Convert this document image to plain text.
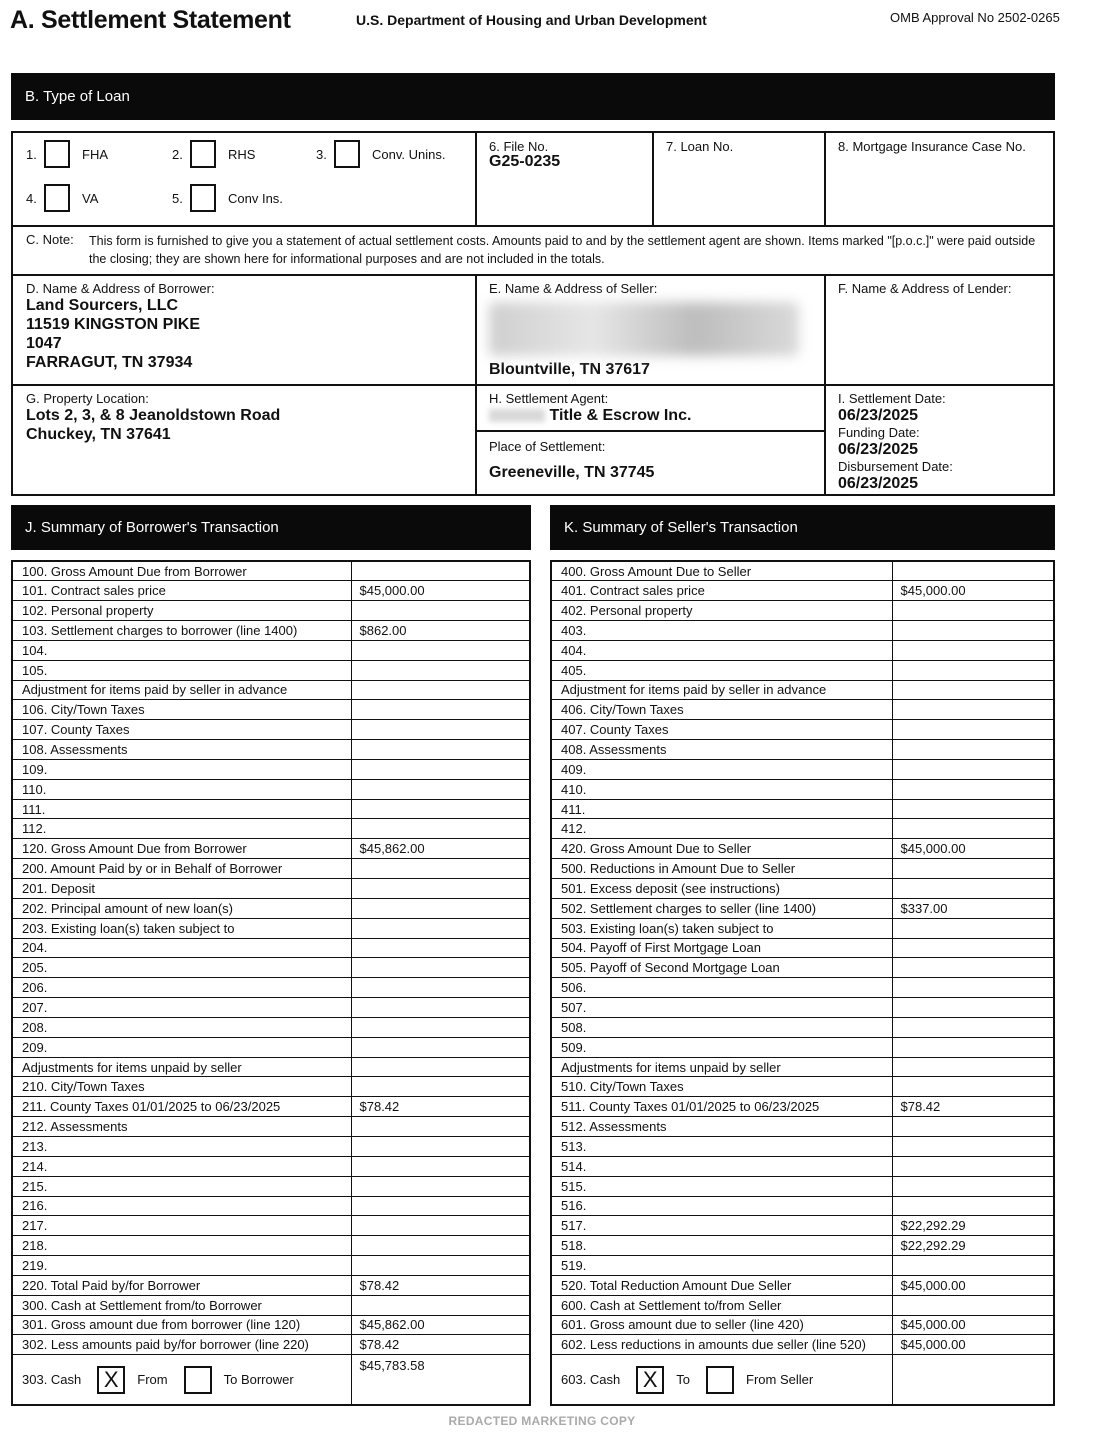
A. Settlement Statement	U.S. Department of Housing and Urban Development	OMB Approval No 2502-0265
B. Type of Loan
1.	FHA	2.	RHS	3.	Conv. Unins.
4.	VA	5.	Conv Ins.
6. File No.
G25-0235
7. Loan No.	8. Mortgage Insurance Case No.
C. Note: This form is furnished to give you a statement of actual settlement costs. Amounts paid to and by the settlement agent are shown. Items marked "[p.o.c.]" were paid outside the closing; they are shown here for informational purposes and are not included in the totals.
D. Name & Address of Borrower:
Land Sourcers, LLC
11519 KINGSTON PIKE
1047
FARRAGUT, TN 37934
E. Name & Address of Seller:
Blountville, TN 37617
F. Name & Address of Lender:
G. Property Location:
Lots 2, 3, & 8 Jeanoldstown Road
Chuckey, TN 37641
H. Settlement Agent:
Title & Escrow Inc.
Place of Settlement:
Greeneville, TN 37745
I. Settlement Date:
06/23/2025
Funding Date:
06/23/2025
Disbursement Date:
06/23/2025
J. Summary of Borrower's Transaction	K. Summary of Seller's Transaction
100. Gross Amount Due from Borrower	
101. Contract sales price	$45,000.00
102. Personal property	
103. Settlement charges to borrower (line 1400)	$862.00
104.	
105.	
Adjustment for items paid by seller in advance	
106. City/Town Taxes	
107. County Taxes	
108. Assessments	
109.	
110.	
111.	
112.	
120. Gross Amount Due from Borrower	$45,862.00
200. Amount Paid by or in Behalf of Borrower	
201. Deposit	
202. Principal amount of new loan(s)	
203. Existing loan(s) taken subject to	
204.	
205.	
206.	
207.	
208.	
209.	
Adjustments for items unpaid by seller	
210. City/Town Taxes	
211. County Taxes 01/01/2025 to 06/23/2025	$78.42
212. Assessments	
213.	
214.	
215.	
216.	
217.	
218.	
219.	
220. Total Paid by/for Borrower	$78.42
300. Cash at Settlement from/to Borrower	
301. Gross amount due from borrower (line 120)	$45,862.00
302. Less amounts paid by/for borrower (line 220)	$78.42

303. Cash X From To Borrower	$45,783.58
400. Gross Amount Due to Seller	
401. Contract sales price	$45,000.00
402. Personal property	
403.	
404.	
405.	
Adjustment for items paid by seller in advance	
406. City/Town Taxes	
407. County Taxes	
408. Assessments	
409.	
410.	
411.	
412.	
420. Gross Amount Due to Seller	$45,000.00
500. Reductions in Amount Due to Seller	
501. Excess deposit (see instructions)	
502. Settlement charges to seller (line 1400)	$337.00
503. Existing loan(s) taken subject to	
504. Payoff of First Mortgage Loan	
505. Payoff of Second Mortgage Loan	
506.	
507.	
508.	
509.	
Adjustments for items unpaid by seller	
510. City/Town Taxes	
511. County Taxes 01/01/2025 to 06/23/2025	$78.42
512. Assessments	
513.	
514.	
515.	
516.	
517.	$22,292.29
518.	$22,292.29
519.	
520. Total Reduction Amount Due Seller	$45,000.00
600. Cash at Settlement to/from Seller	
601. Gross amount due to seller (line 420)	$45,000.00
602. Less reductions in amounts due seller (line 520)	$45,000.00

603. Cash X To From Seller	

REDACTED MARKETING COPY
